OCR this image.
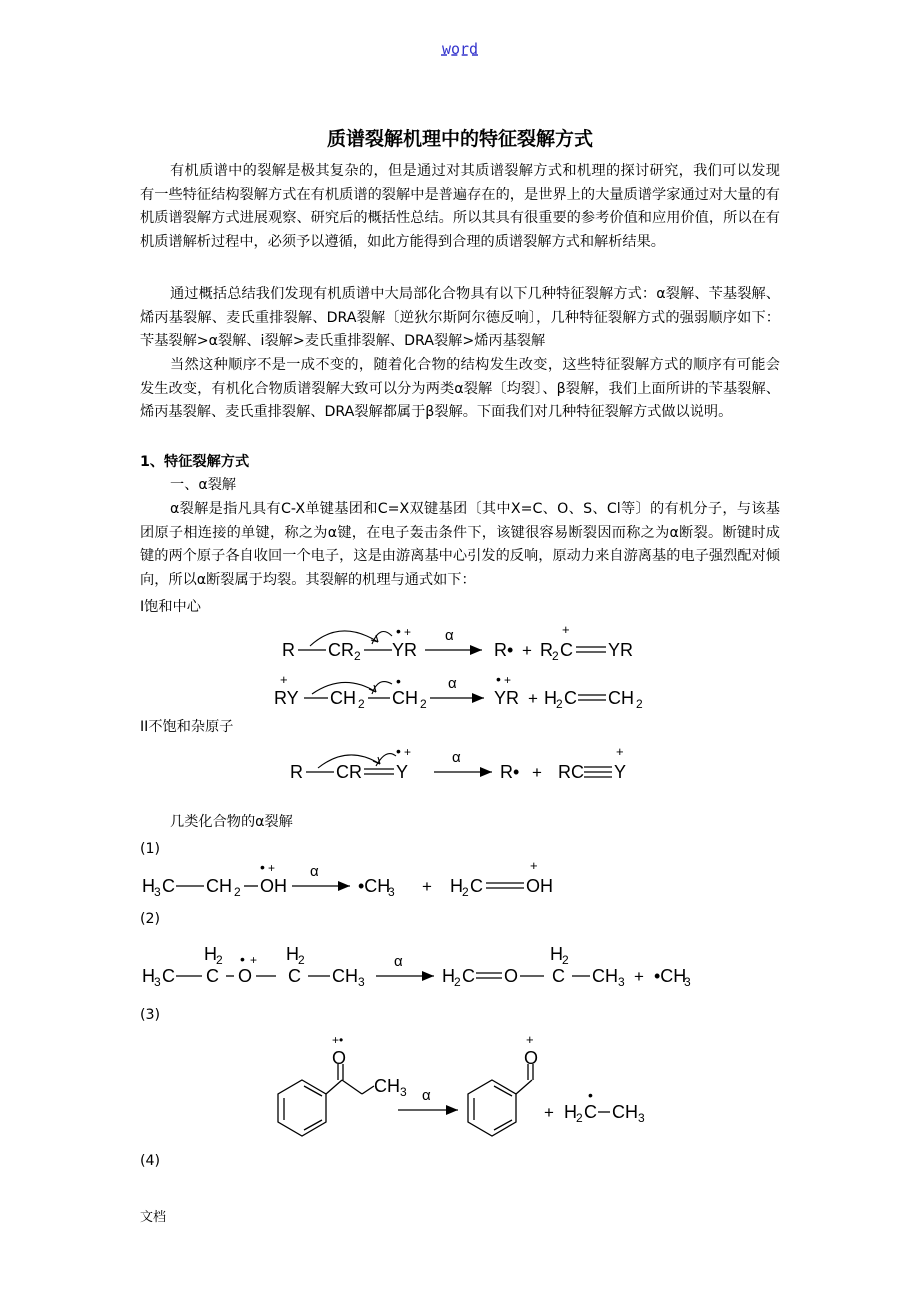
word
质谱裂解机理中的特征裂解方式

有机质谱中的裂解是极其复杂的，但是通过对其质谱裂解方式和机理的探讨研究，我们可以发现有一些特征结构裂解方式在有机质谱的裂解中是普遍存在的，是世界上的大量质谱学家通过对大量的有机质谱裂解方式进展观察、研究后的概括性总结。所以其具有很重要的参考价值和应用价值，所以在有机质谱解析过程中，必须予以遵循，如此方能得到合理的质谱裂解方式和解析结果。

通过概括总结我们发现有机质谱中大局部化合物具有以下几种特征裂解方式：α裂解、苄基裂解、烯丙基裂解、麦氏重排裂解、DRA裂解〔逆狄尔斯阿尔德反响〕，几种特征裂解方式的强弱顺序如下：苄基裂解>α裂解、i裂解>麦氏重排裂解、DRA裂解>烯丙基裂解

当然这种顺序不是一成不变的，随着化合物的结构发生改变，这些特征裂解方式的顺序有可能会发生改变，有机化合物质谱裂解大致可以分为两类α裂解〔均裂〕、β裂解，我们上面所讲的苄基裂解、烯丙基裂解、麦氏重排裂解、DRA裂解都属于β裂解。下面我们对几种特征裂解方式做以说明。

1、特征裂解方式
一、α裂解

α裂解是指凡具有C-X单键基团和C=X双键基团〔其中X=C、O、S、Cl等〕的有机分子，与该基团原子相连接的单键，称之为α键，在电子轰击条件下，该键很容易断裂因而称之为α断裂。断键时成键的两个原子各自收回一个电子，这是由游离基中心引发的反响，原动力来自游离基的电子强烈配对倾向，所以α断裂属于均裂。其裂解的机理与通式如下：

I饱和中心
R CR 2 YR
• + α
R• + R 2 C
+
YR
RY
+
CH 2 CH 2
•	α
YR
• +
+ H 2 C CH 2
II不饱和杂原子
R CR Y
• +	α
R• + RC Y
+
几类化合物的α裂解
(1)
H 3 C CH 2 OH
• + α
•CH
3 + H 2 C OH
+
(2)
H 3 C
H 2
C O
• + H 2
C CH 3
α
H 2 C O
H 2
C CH 3 + •CH
3
(3)
O
+•
CH 3 α
O
+
+ H 2 C
•
CH 3
(4)
文档
